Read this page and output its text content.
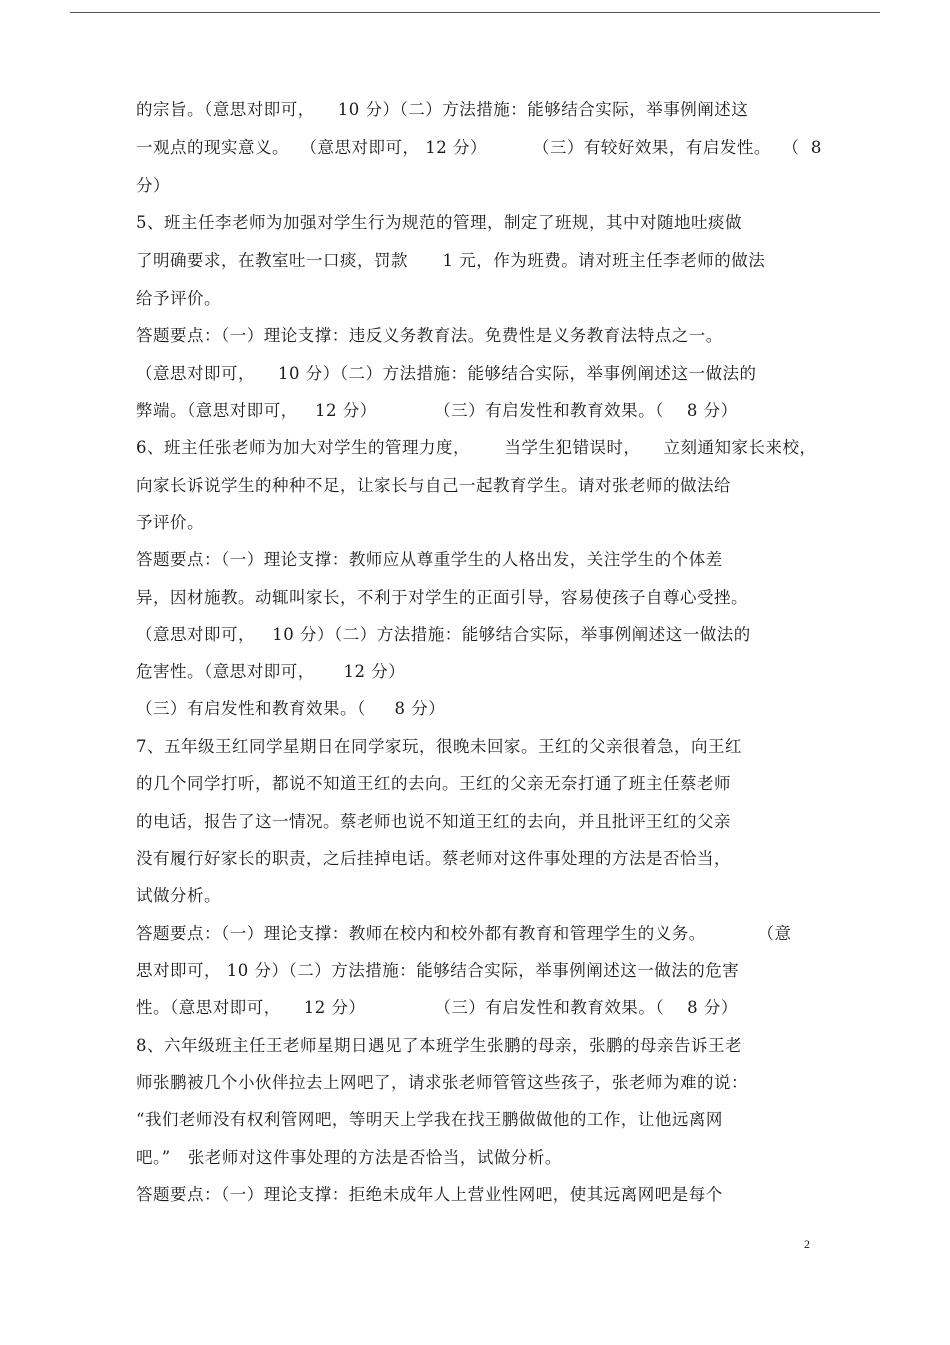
的宗旨。（意思对即可，    10 分）（二）方法措施：能够结合实际，举事例阐述这
一观点的现实意义。  （意思对即可， 12 分）        （三）有较好效果，有启发性。  （  8
分）
5、班主任李老师为加强对学生行为规范的管理，制定了班规，其中对随地吐痰做
了明确要求，在教室吐一口痰，罚款      1 元，作为班费。请对班主任李老师的做法
给予评价。
答题要点：（一）理论支撑：违反义务教育法。免费性是义务教育法特点之一。
（意思对即可，    10 分）（二）方法措施：能够结合实际，举事例阐述这一做法的
弊端。（意思对即可，   12 分）          （三）有启发性和教育效果。（    8 分）
6、班主任张老师为加大对学生的管理力度，      当学生犯错误时，    立刻通知家长来校，
向家长诉说学生的种种不足，让家长与自己一起教育学生。请对张老师的做法给
予评价。
答题要点：（一）理论支撑：教师应从尊重学生的人格出发，关注学生的个体差
异，因材施教。动辄叫家长，不利于对学生的正面引导，容易使孩子自尊心受挫。
（意思对即可，   10 分）（二）方法措施：能够结合实际，举事例阐述这一做法的
危害性。（意思对即可，     12 分）
（三）有启发性和教育效果。（     8 分）
7、五年级王红同学星期日在同学家玩，很晚未回家。王红的父亲很着急，向王红
的几个同学打听，都说不知道王红的去向。王红的父亲无奈打通了班主任蔡老师
的电话，报告了这一情况。蔡老师也说不知道王红的去向，并且批评王红的父亲
没有履行好家长的职责，之后挂掉电话。蔡老师对这件事处理的方法是否恰当，
试做分析。
答题要点：（一）理论支撑：教师在校内和校外都有教育和管理学生的义务。         （意
思对即可， 10 分）（二）方法措施：能够结合实际，举事例阐述这一做法的危害
性。（意思对即可，    12 分）            （三）有启发性和教育效果。（    8 分）
8、六年级班主任王老师星期日遇见了本班学生张鹏的母亲，张鹏的母亲告诉王老
师张鹏被几个小伙伴拉去上网吧了，请求张老师管管这些孩子，张老师为难的说：
“我们老师没有权利管网吧，等明天上学我在找王鹏做做他的工作，让他远离网
吧。”   张老师对这件事处理的方法是否恰当，试做分析。
答题要点：（一）理论支撑：拒绝未成年人上营业性网吧，使其远离网吧是每个
2
